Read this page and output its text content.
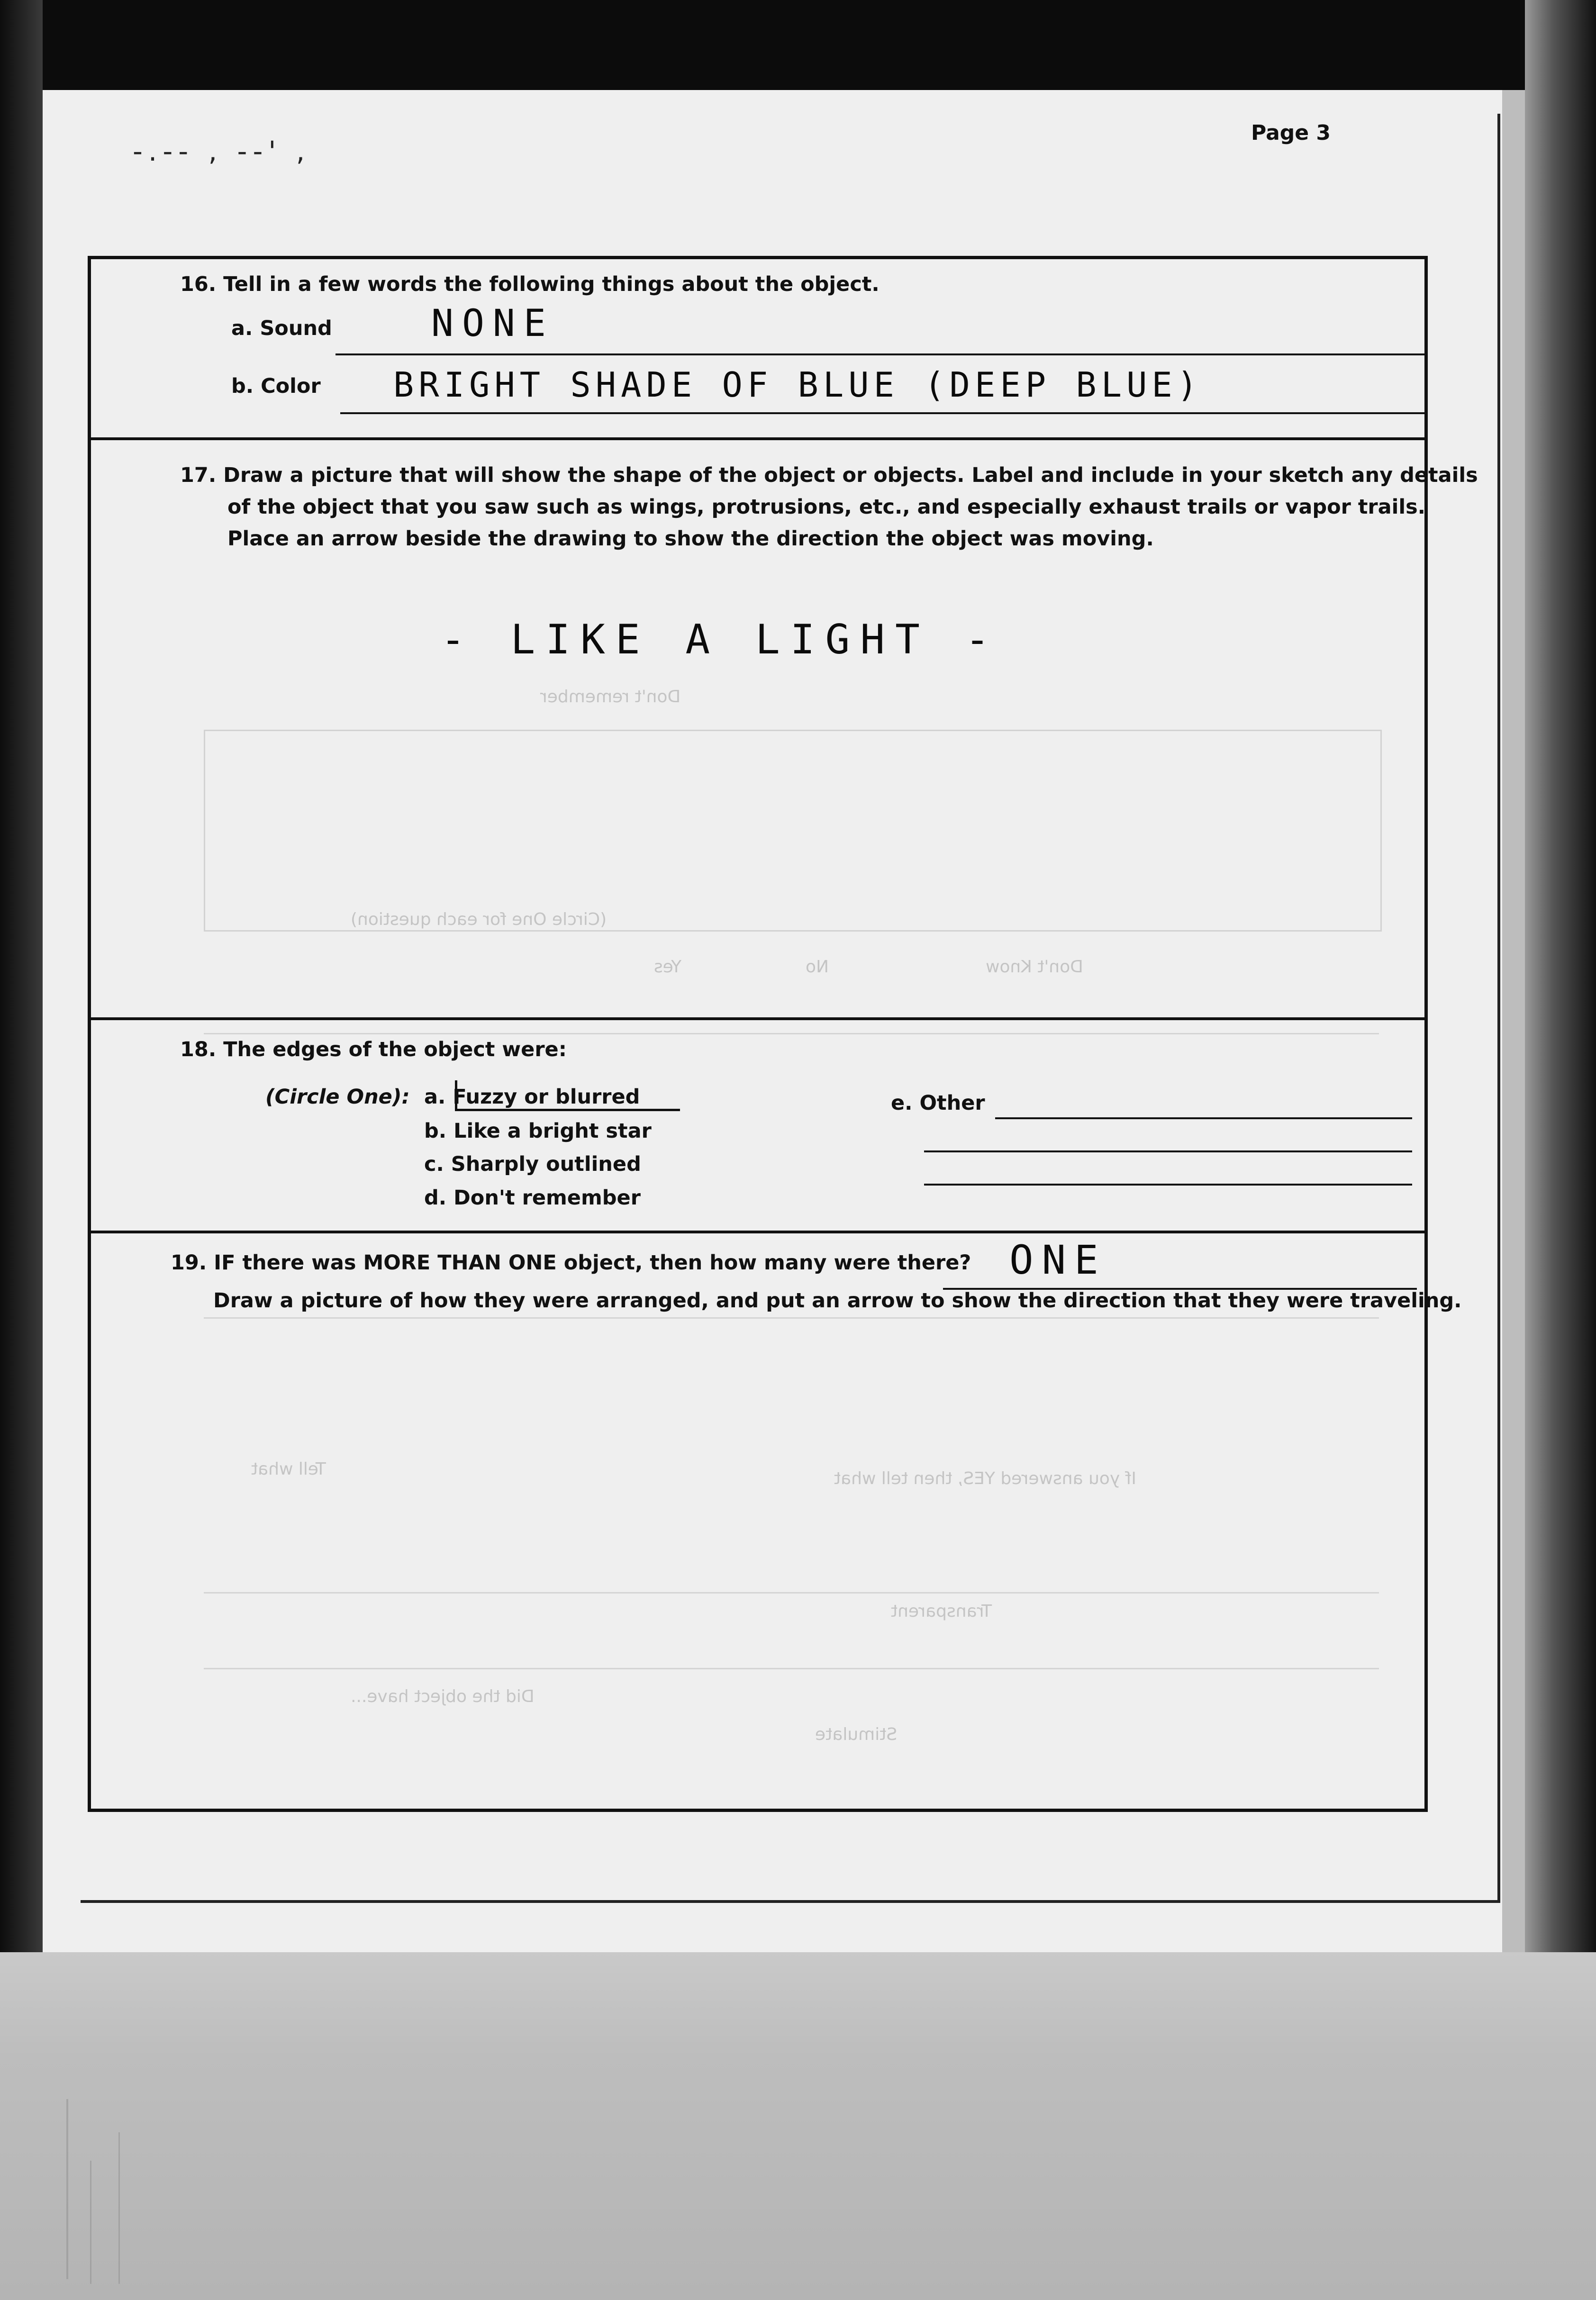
-.-- , --' ,
Page 3
(Circle One for each question)
Yes	No	Don't Know
Don't remember
Tell what	If you answered YES, then tell what
Transparent
Stimulate
Did the object have...
16. Tell in a few words the following things about the object.
a. Sound	NONE
b. Color BRIGHT SHADE OF BLUE (DEEP BLUE)
17. Draw a picture that will show the shape of the object or objects. Label and include in your sketch any details
of the object that you saw such as wings, protrusions, etc., and especially exhaust trails or vapor trails.
Place an arrow beside the drawing to show the direction the object was moving.
- LIKE A LIGHT -
18. The edges of the object were:
(Circle One): a. Fuzzy or blurred
b. Like a bright star
c. Sharply outlined
d. Don't remember
e. Other
19. IF there was MORE THAN ONE object, then how many were there? ONE
Draw a picture of how they were arranged, and put an arrow to show the direction that they were traveling.
